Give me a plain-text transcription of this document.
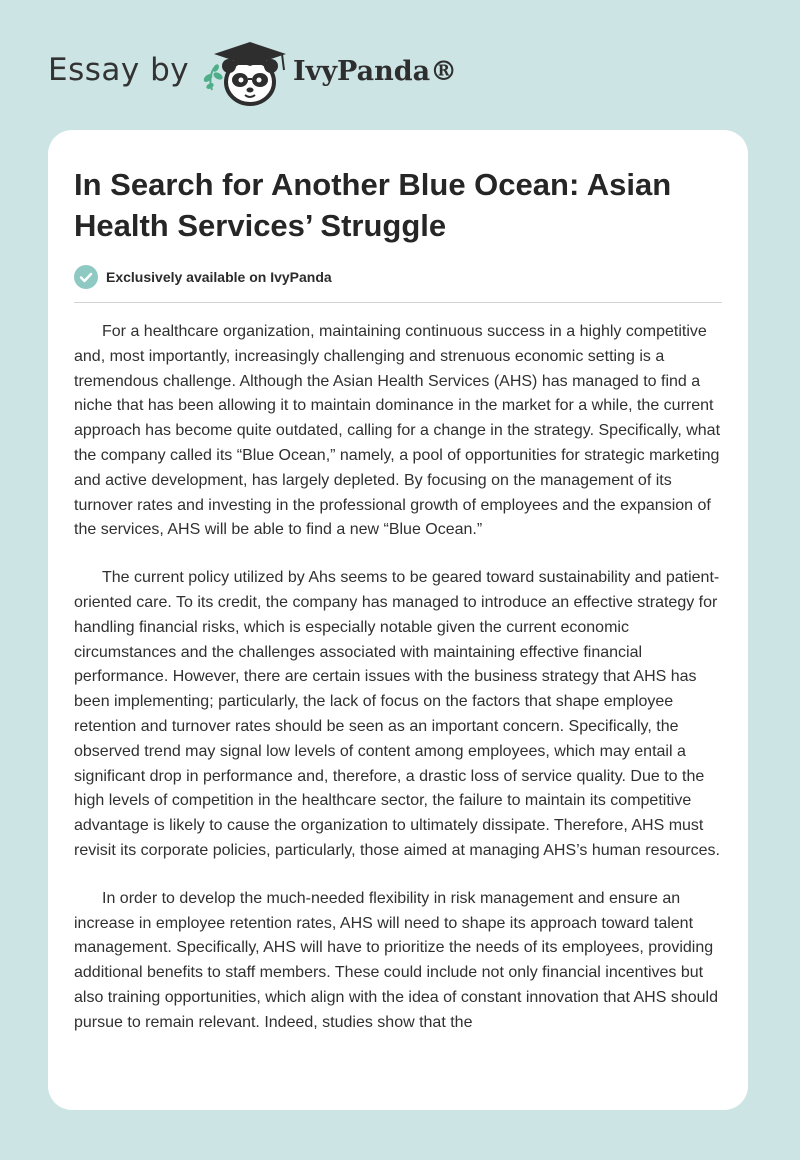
Essay by	IvyPanda®
In Search for Another Blue Ocean: Asian Health Services’ Struggle
Exclusively available on IvyPanda

For a healthcare organization, maintaining continuous success in a highly competitive and, most importantly, increasingly challenging and strenuous economic setting is a tremendous challenge. Although the Asian Health Services (AHS) has managed to find a niche that has been allowing it to maintain dominance in the market for a while, the current approach has become quite outdated, calling for a change in the strategy. Specifically, what the company called its “Blue Ocean,” namely, a pool of opportunities for strategic marketing and active development, has largely depleted. By focusing on the management of its turnover rates and investing in the professional growth of employees and the expansion of the services, AHS will be able to find a new “Blue Ocean.”

The current policy utilized by Ahs seems to be geared toward sustainability and patient-oriented care. To its credit, the company has managed to introduce an effective strategy for handling financial risks, which is especially notable given the current economic circumstances and the challenges associated with maintaining effective financial performance. However, there are certain issues with the business strategy that AHS has been implementing; particularly, the lack of focus on the factors that shape employee retention and turnover rates should be seen as an important concern. Specifically, the observed trend may signal low levels of content among employees, which may entail a significant drop in performance and, therefore, a drastic loss of service quality. Due to the high levels of competition in the healthcare sector, the failure to maintain its competitive advantage is likely to cause the organization to ultimately dissipate. Therefore, AHS must revisit its corporate policies, particularly, those aimed at managing AHS’s human resources.

In order to develop the much-needed flexibility in risk management and ensure an increase in employee retention rates, AHS will need to shape its approach toward talent management. Specifically, AHS will have to prioritize the needs of its employees, providing additional benefits to staff members. These could include not only financial incentives but also training opportunities, which align with the idea of constant innovation that AHS should pursue to remain relevant. Indeed, studies show that the
